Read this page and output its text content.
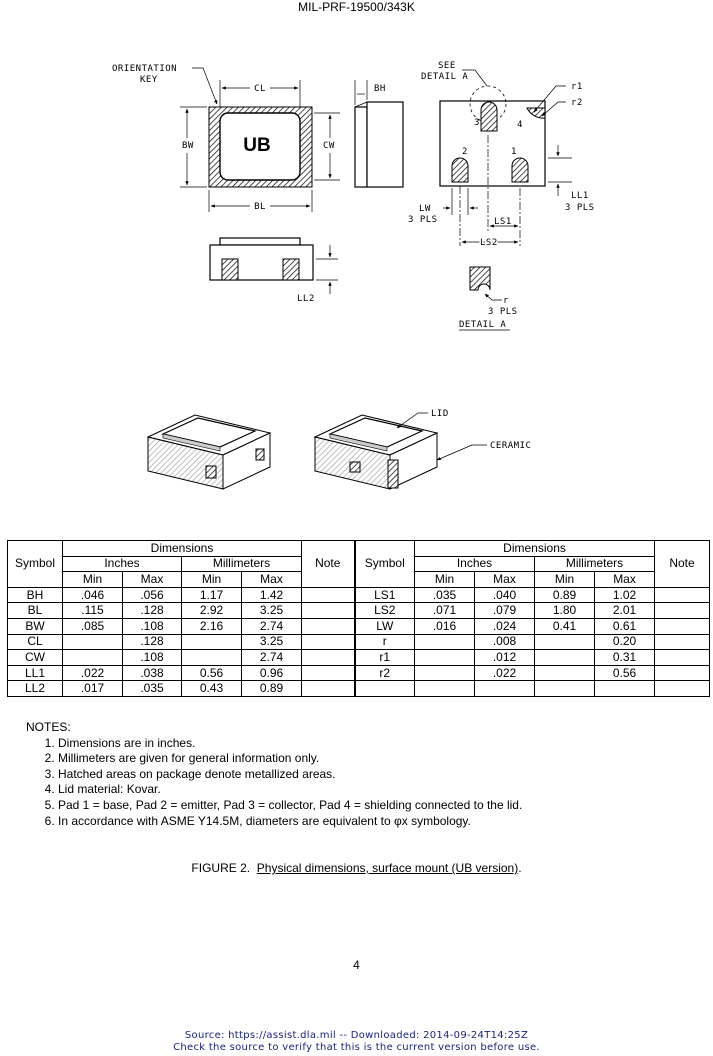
MIL-PRF-19500/343K
UB
ORIENTATION
KEY
CL
BW	CW
BL
BH
3	4
2	1
SEE
DETAIL A
r1
r2
LL1
3 PLS
LW
3 PLS	LS1
LS2
LL2	r
3 PLS
DETAIL A
LID
CERAMIC
Symbol	Dimensions				Note	Symbol	Dimensions				Note
	Inches		Millimeters				Inches		Millimeters		
	Min	Max	Min	Max			Min	Max	Min	Max	
BH	.046	.056	1.17	1.42		LS1	.035	.040	0.89	1.02	
BL	.115	.128	2.92	3.25		LS2	.071	.079	1.80	2.01	
BW	.085	.108	2.16	2.74		LW	.016	.024	0.41	0.61	
CL		.128		3.25		r		.008		0.20	
CW		.108		2.74		r1		.012		0.31	
LL1	.022	.038	0.56	0.96		r2		.022		0.56	
LL2	.017	.035	0.43	0.89							
NOTES:
1. Dimensions are in inches.
2. Millimeters are given for general information only.
3. Hatched areas on package denote metallized areas.
4. Lid material: Kovar.
5. Pad 1 = base, Pad 2 = emitter, Pad 3 = collector, Pad 4 = shielding connected to the lid.
6. In accordance with ASME Y14.5M, diameters are equivalent to φx symbology.
FIGURE 2. Physical dimensions, surface mount (UB version).
4
Source: https://assist.dla.mil -- Downloaded: 2014-09-24T14:25Z
Check the source to verify that this is the current version before use.
